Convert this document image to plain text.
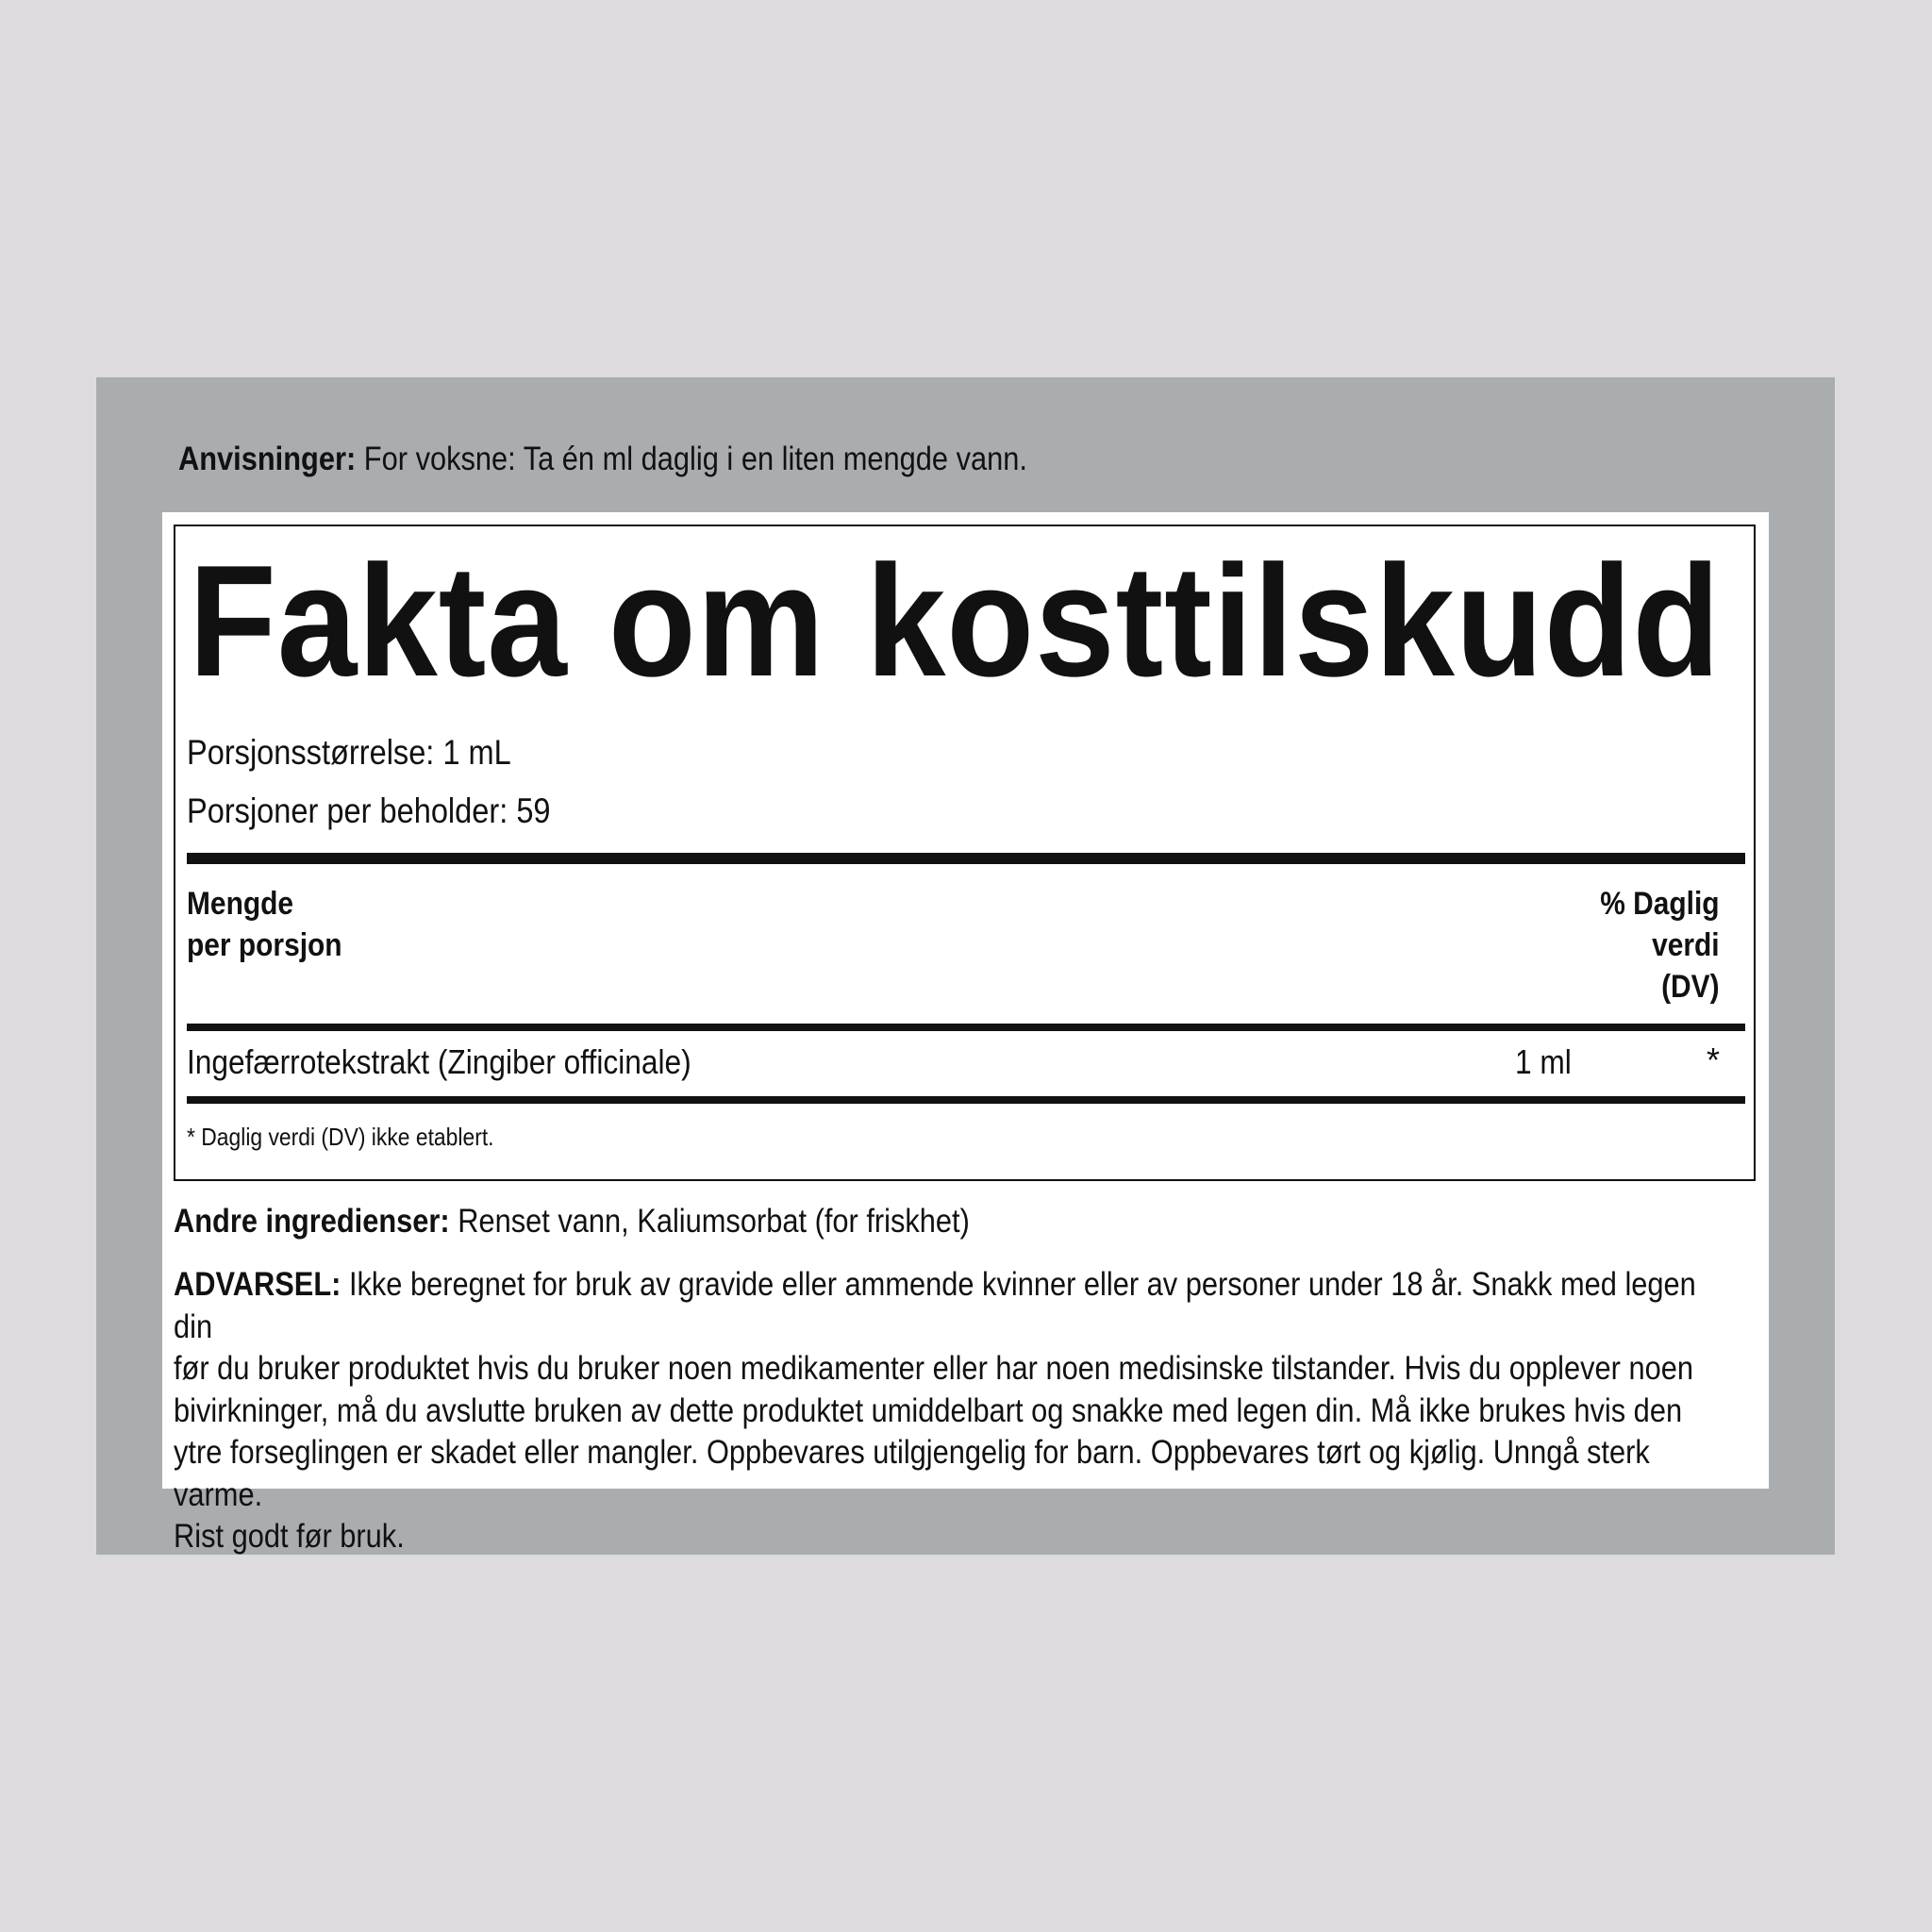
Anvisninger: For voksne: Ta én ml daglig i en liten mengde vann.
Fakta om kosttilskudd
Porsjonsstørrelse: 1 mL
Porsjoner per beholder: 59
Mengde
per porsjon
% Daglig
verdi
(DV)
Ingefærrotekstrakt (Zingiber officinale)	1 ml	*
* Daglig verdi (DV) ikke etablert.
Andre ingredienser: Renset vann, Kaliumsorbat (for friskhet)
ADVARSEL: Ikke beregnet for bruk av gravide eller ammende kvinner eller av personer under 18 år. Snakk med legen din
før du bruker produktet hvis du bruker noen medikamenter eller har noen medisinske tilstander. Hvis du opplever noen
bivirkninger, må du avslutte bruken av dette produktet umiddelbart og snakke med legen din. Må ikke brukes hvis den
ytre forseglingen er skadet eller mangler. Oppbevares utilgjengelig for barn. Oppbevares tørt og kjølig. Unngå sterk varme.
Rist godt før bruk.
